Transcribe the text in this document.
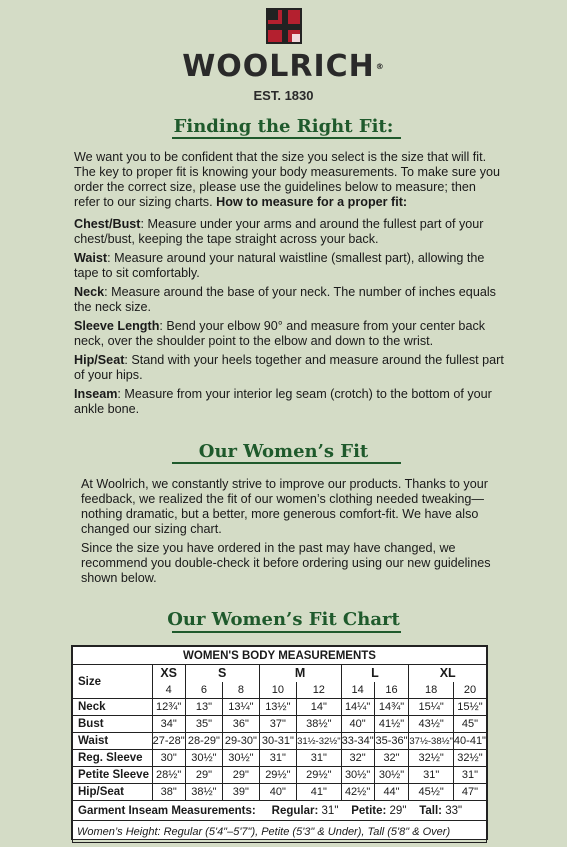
WOOLRICH®
EST. 1830
Finding the Right Fit:
We want you to be confident that the size you select is the size that will fit. The key to proper fit is knowing your body measurements. To make sure you order the correct size, please use the guidelines below to measure; then refer to our sizing charts. How to measure for a proper fit:
Chest/Bust: Measure under your arms and around the fullest part of your chest/bust, keeping the tape straight across your back.
Waist: Measure around your natural waistline (smallest part), allowing the tape to sit comfortably.
Neck: Measure around the base of your neck. The number of inches equals the neck size.
Sleeve Length: Bend your elbow 90° and measure from your center back neck, over the shoulder point to the elbow and down to the wrist.
Hip/Seat: Stand with your heels together and measure around the fullest part of your hips.
Inseam: Measure from your interior leg seam (crotch) to the bottom of your ankle bone.
Our Women’s Fit
At Woolrich, we constantly strive to improve our products. Thanks to your feedback, we realized the fit of our women’s clothing needed tweaking—nothing dramatic, but a better, more generous comfort-fit. We have also changed our sizing chart.
Since the size you have ordered in the past may have changed, we recommend you double-check it before ordering using our new guidelines shown below.
Our Women’s Fit Chart
WOMEN'S BODY MEASUREMENTS									
Size	XS	S		M		L		XL	
	4	6	8	10	12	14	16	18	20
Neck	12¾"	13"	13¼"	13½"	14"	14¼"	14¾"	15¼"	15½"
Bust	34"	35"	36"	37"	38½"	40"	41½"	43½"	45"
Waist	27-28"	28-29"	29-30"	30-31"	31½-32½"	33-34"	35-36"	37½-38½"	40-41"
Reg. Sleeve	30"	30½"	30½"	31"	31"	32"	32"	32½"	32½"
Petite Sleeve	28½"	29"	29"	29½"	29½"	30½"	30½"	31"	31"
Hip/Seat	38"	38½"	39"	40"	41"	42½"	44"	45½"	47"
Garment Inseam Measurements: Regular: 31" Petite: 29" Tall: 33"									
Women’s Height: Regular (5'4"–5'7"), Petite (5'3" & Under), Tall (5'8" & Over)									
